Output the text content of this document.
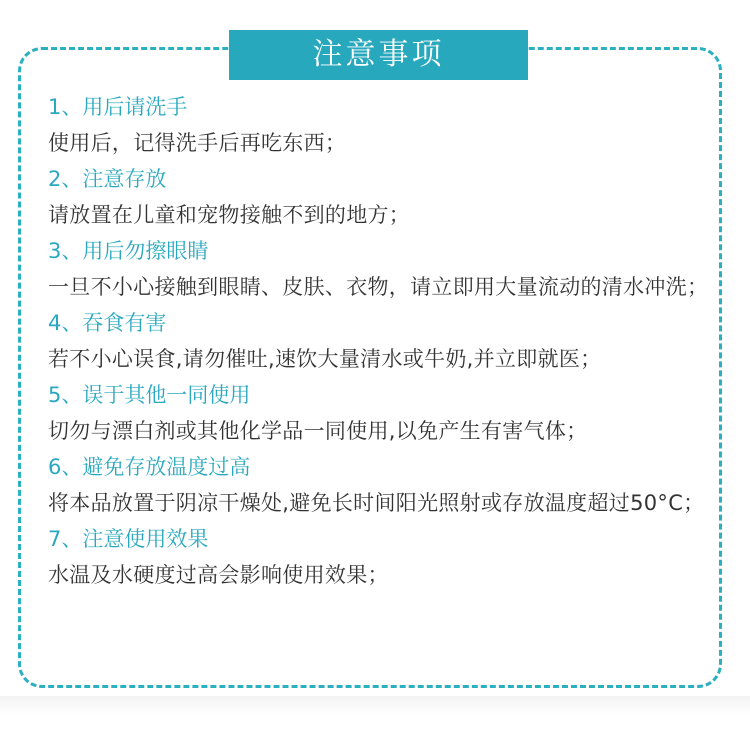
注意事项
1、用后请洗手
使用后，记得洗手后再吃东西；
2、注意存放
请放置在儿童和宠物接触不到的地方；
3、用后勿擦眼睛
一旦不小心接触到眼睛、皮肤、衣物，请立即用大量流动的清水冲洗；
4、吞食有害
若不小心误食,请勿催吐,速饮大量清水或牛奶,并立即就医；
5、误于其他一同使用
切勿与漂白剂或其他化学品一同使用,以免产生有害气体；
6、避免存放温度过高
将本品放置于阴凉干燥处,避免长时间阳光照射或存放温度超过50°C；
7、注意使用效果
水温及水硬度过高会影响使用效果；
